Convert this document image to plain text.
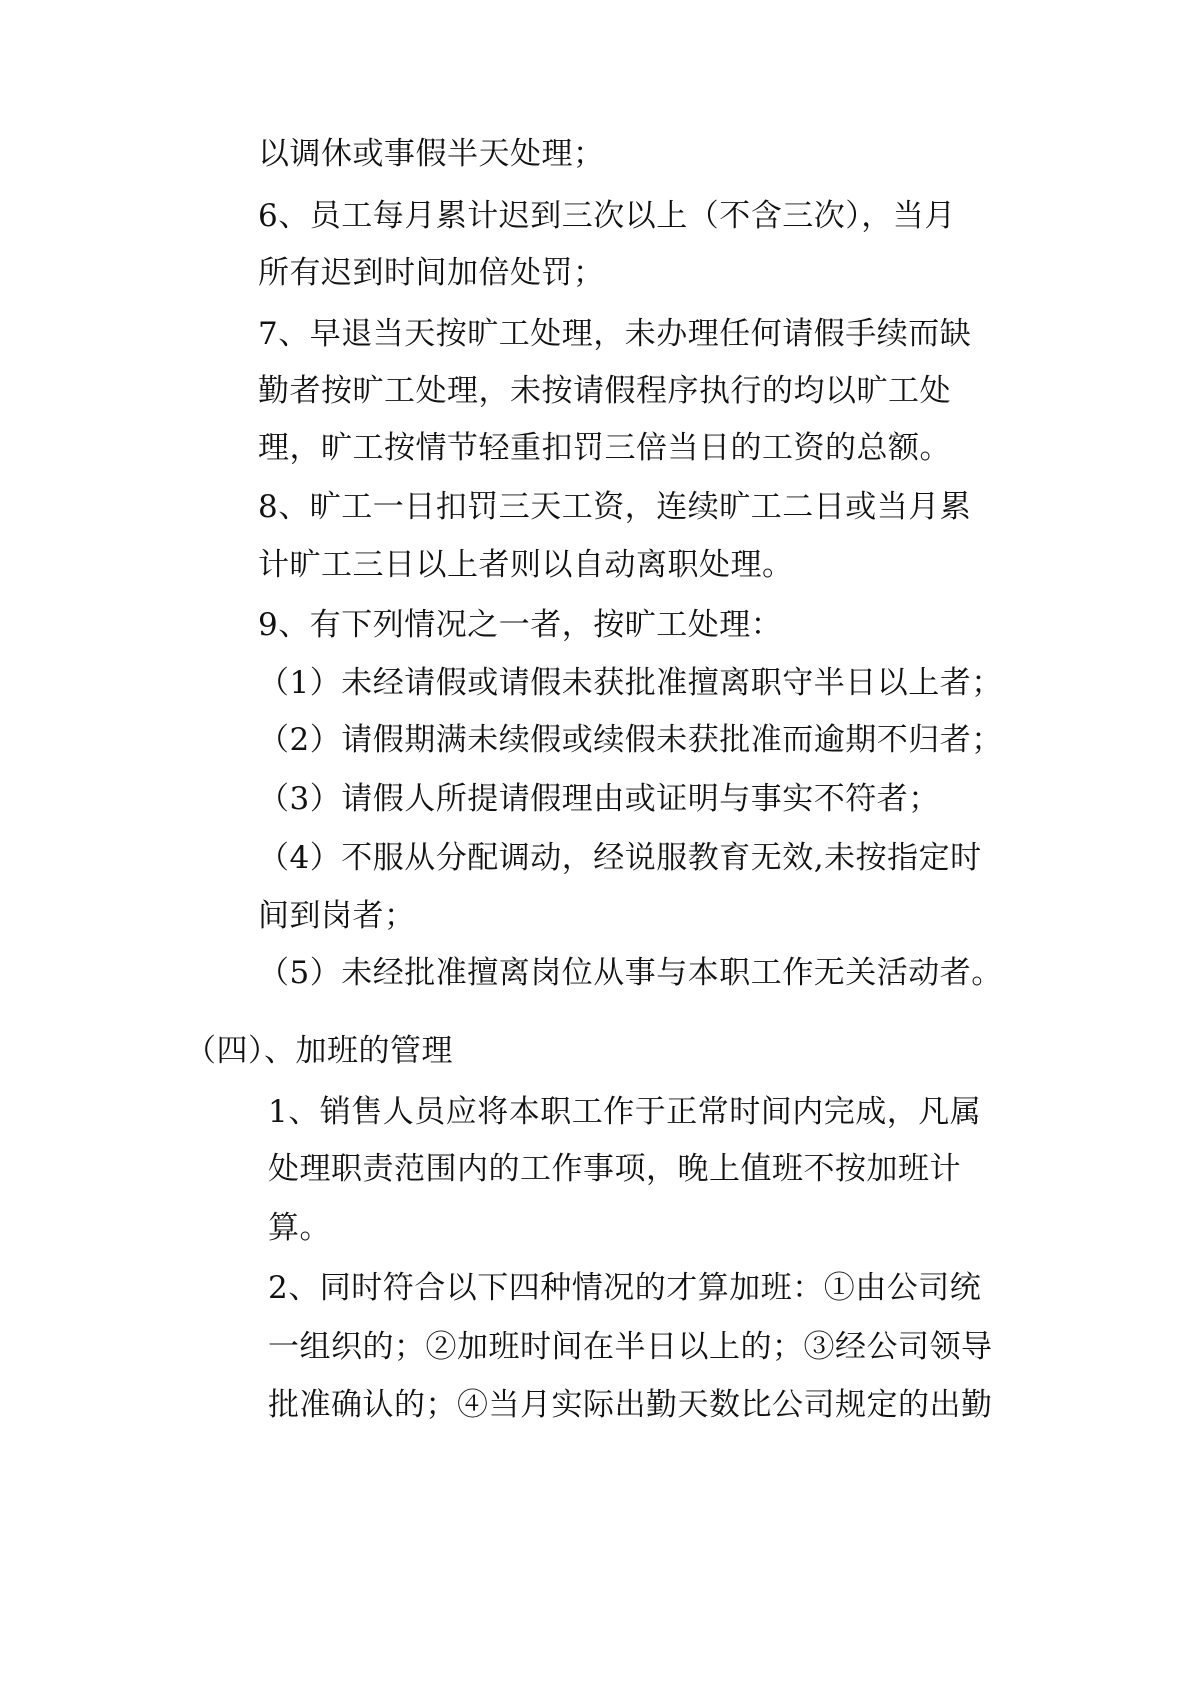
以调休或事假半天处理；
6、员工每月累计迟到三次以上（不含三次），当月
所有迟到时间加倍处罚；
7、早退当天按旷工处理，未办理任何请假手续而缺
勤者按旷工处理，未按请假程序执行的均以旷工处
理，旷工按情节轻重扣罚三倍当日的工资的总额。
8、旷工一日扣罚三天工资，连续旷工二日或当月累
计旷工三日以上者则以自动离职处理。
9、有下列情况之一者，按旷工处理：
（1）未经请假或请假未获批准擅离职守半日以上者；
（2）请假期满未续假或续假未获批准而逾期不归者；
（3）请假人所提请假理由或证明与事实不符者；
（4）不服从分配调动，经说服教育无效,未按指定时
间到岗者；
（5）未经批准擅离岗位从事与本职工作无关活动者。
（四）、加班的管理
1、销售人员应将本职工作于正常时间内完成，凡属
处理职责范围内的工作事项，晚上值班不按加班计
算。
2、同时符合以下四种情况的才算加班：①由公司统
一组织的；②加班时间在半日以上的；③经公司领导
批准确认的；④当月实际出勤天数比公司规定的出勤
